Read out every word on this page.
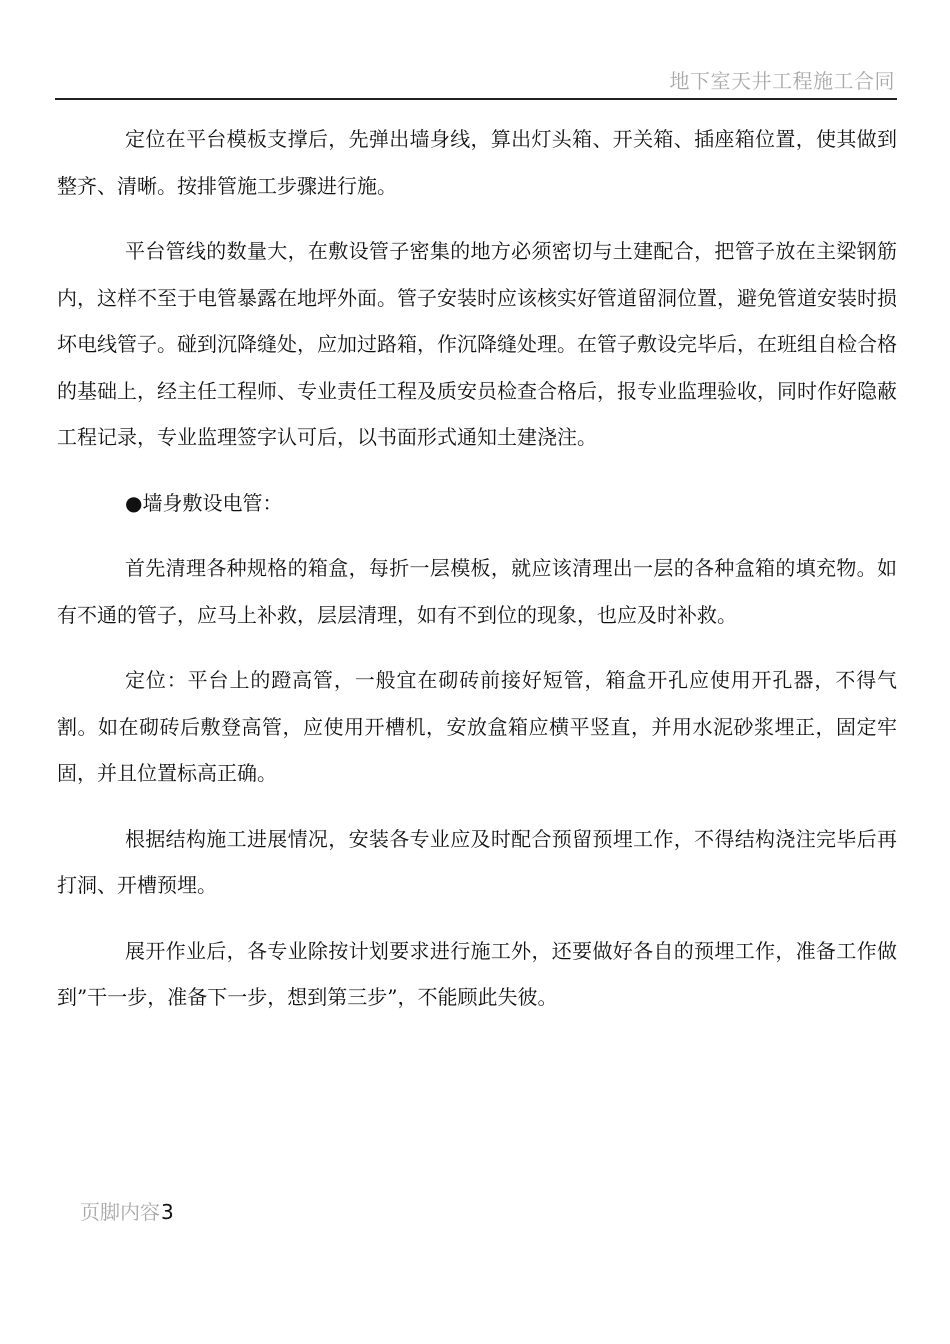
地下室天井工程施工合同

定位在平台模板支撑后，先弹出墙身线，算出灯头箱、开关箱、插座箱位置，使其做到整齐、清晰。按排管施工步骤进行施。

平台管线的数量大，在敷设管子密集的地方必须密切与土建配合，把管子放在主梁钢筋内，这样不至于电管暴露在地坪外面。管子安装时应该核实好管道留洞位置，避免管道安装时损坏电线管子。碰到沉降缝处，应加过路箱，作沉降缝处理。在管子敷设完毕后，在班组自检合格的基础上，经主任工程师、专业责任工程及质安员检查合格后，报专业监理验收，同时作好隐蔽工程记录，专业监理签字认可后，以书面形式通知土建浇注。

●墙身敷设电管：

首先清理各种规格的箱盒，每折一层模板，就应该清理出一层的各种盒箱的填充物。如有不通的管子，应马上补救，层层清理，如有不到位的现象，也应及时补救。

定位：平台上的蹬高管，一般宜在砌砖前接好短管，箱盒开孔应使用开孔器，不得气割。如在砌砖后敷登高管，应使用开槽机，安放盒箱应横平竖直，并用水泥砂浆埋正，固定牢固，并且位置标高正确。

根据结构施工进展情况，安装各专业应及时配合预留预埋工作，不得结构浇注完毕后再打洞、开槽预埋。

展开作业后，各专业除按计划要求进行施工外，还要做好各自的预埋工作，准备工作做到”干一步，准备下一步，想到第三步”，不能顾此失彼。

页脚内容3
